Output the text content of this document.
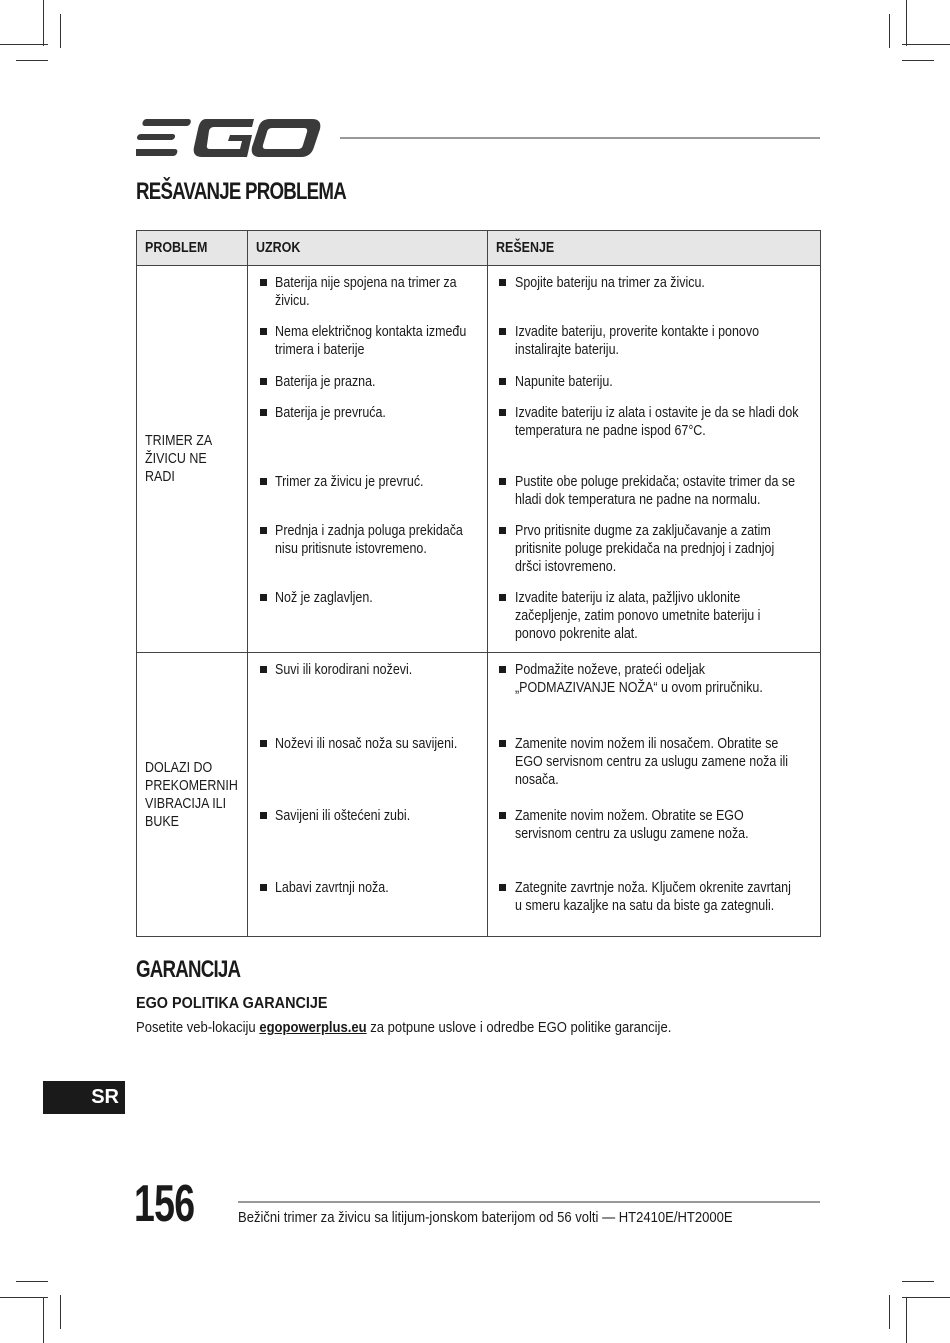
EGO
REŠAVANJE PROBLEMA
PROBLEM	UZROK	REŠENJE
TRIMER ZA ŽIVICU NE RADI	Baterija nije spojena na trimer za živicu.	Spojite bateriju na trimer za živicu.

Nema električnog kontakta između trimera i baterije	Izvadite bateriju, proverite kontakte i ponovo instalirajte bateriju.

Baterija je prazna.	Napunite bateriju.

Baterija je prevruća.	Izvadite bateriju iz alata i ostavite je da se hladi dok temperatura ne padne ispod 67°C.

Trimer za živicu je prevruć.	Pustite obe poluge prekidača; ostavite trimer da se hladi dok temperatura ne padne na normalu.

Prednja i zadnja poluga prekidača nisu pritisnute istovremeno.	Prvo pritisnite dugme za zaključavanje a zatim pritisnite poluge prekidača na prednjoj i zadnjoj dršci istovremeno.

Nož je zaglavljen.	Izvadite bateriju iz alata, pažljivo uklonite začepljenje, zatim ponovo umetnite bateriju i ponovo pokrenite alat.

DOLAZI DO PREKOMERNIH VIBRACIJA ILI BUKE	Suvi ili korodirani noževi.	Podmažite noževe, prateći odeljak „PODMAZIVANJE NOŽA“ u ovom priručniku.

Noževi ili nosač noža su savijeni.	Zamenite novim nožem ili nosačem. Obratite se EGO servisnom centru za uslugu zamene noža ili nosača.

Savijeni ili oštećeni zubi.	Zamenite novim nožem. Obratite se EGO servisnom centru za uslugu zamene noža.

Labavi zavrtnji noža.	Zategnite zavrtnje noža. Ključem okrenite zavrtanj u smeru kazaljke na satu da biste ga zategnuli.
GARANCIJA

EGO POLITIKA GARANCIJE

Posetite veb-lokaciju egopowerplus.eu za potpune uslove i odredbe EGO politike garancije.

SR
156	Bežični trimer za živicu sa litijum-jonskom baterijom od 56 volti — HT2410E/HT2000E
